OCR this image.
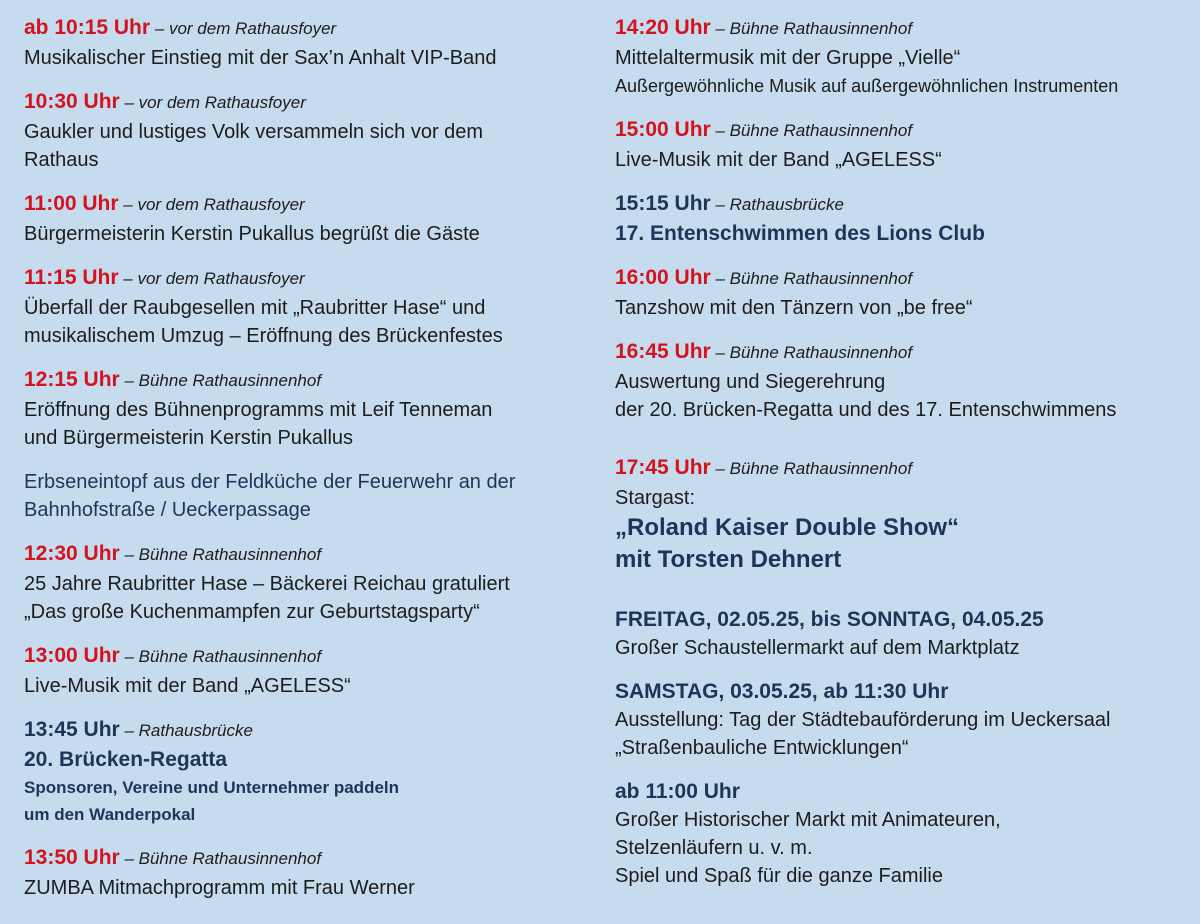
ab 10:15 Uhr – vor dem Rathausfoyer
Musikalischer Einstieg mit der Sax’n Anhalt VIP-Band
10:30 Uhr – vor dem Rathausfoyer
Gaukler und lustiges Volk versammeln sich vor dem
Rathaus
11:00 Uhr – vor dem Rathausfoyer
Bürgermeisterin Kerstin Pukallus begrüßt die Gäste
11:15 Uhr – vor dem Rathausfoyer
Überfall der Raubgesellen mit „Raubritter Hase“ und
musikalischem Umzug – Eröffnung des Brückenfestes
12:15 Uhr – Bühne Rathausinnenhof
Eröffnung des Bühnenprogramms mit Leif Tenneman
und Bürgermeisterin Kerstin Pukallus
Erbseneintopf aus der Feldküche der Feuerwehr an der
Bahnhofstraße / Ueckerpassage
12:30 Uhr – Bühne Rathausinnenhof
25 Jahre Raubritter Hase – Bäckerei Reichau gratuliert
„Das große Kuchenmampfen zur Geburtstagsparty“
13:00 Uhr – Bühne Rathausinnenhof
Live-Musik mit der Band „AGELESS“
13:45 Uhr – Rathausbrücke
20. Brücken-Regatta
Sponsoren, Vereine und Unternehmer paddeln
um den Wanderpokal
13:50 Uhr – Bühne Rathausinnenhof
ZUMBA Mitmachprogramm mit Frau Werner
14:20 Uhr – Bühne Rathausinnenhof
Mittelaltermusik mit der Gruppe „Vielle“
Außergewöhnliche Musik auf außergewöhnlichen Instrumenten
15:00 Uhr – Bühne Rathausinnenhof
Live-Musik mit der Band „AGELESS“
15:15 Uhr – Rathausbrücke
17. Entenschwimmen des Lions Club
16:00 Uhr – Bühne Rathausinnenhof
Tanzshow mit den Tänzern von „be free“
16:45 Uhr – Bühne Rathausinnenhof
Auswertung und Siegerehrung
der 20. Brücken-Regatta und des 17. Entenschwimmens
17:45 Uhr – Bühne Rathausinnenhof
Stargast:
„Roland Kaiser Double Show“
mit Torsten Dehnert
FREITAG, 02.05.25, bis SONNTAG, 04.05.25
Großer Schaustellermarkt auf dem Marktplatz
SAMSTAG, 03.05.25, ab 11:30 Uhr
Ausstellung: Tag der Städtebauförderung im Ueckersaal
„Straßenbauliche Entwicklungen“
ab 11:00 Uhr
Großer Historischer Markt mit Animateuren,
Stelzenläufern u. v. m.
Spiel und Spaß für die ganze Familie
